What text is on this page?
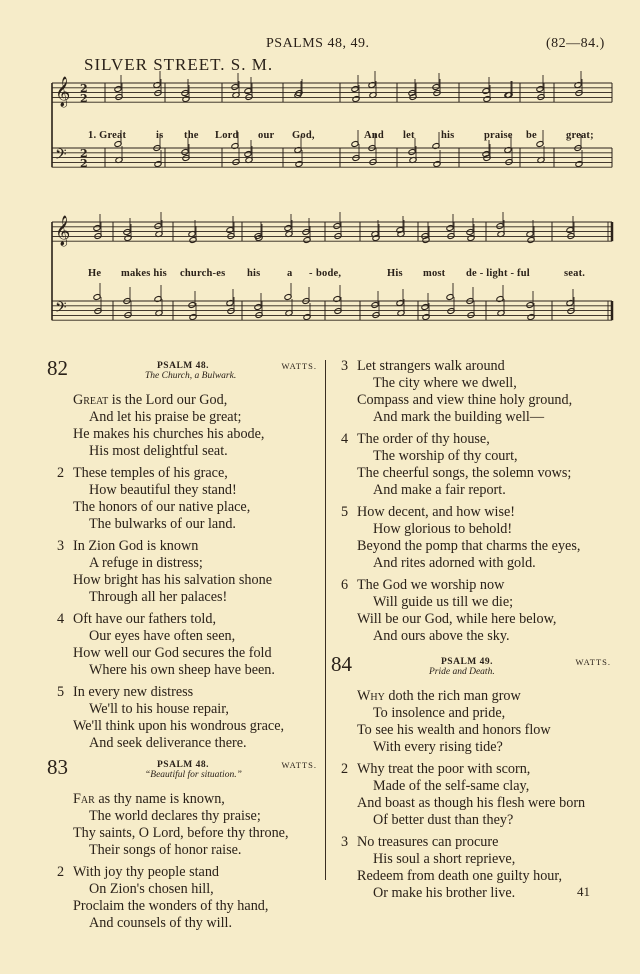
PSALMS 48, 49.	(82—84.)
SILVER STREET. S. M.
𝄞 2
2
𝄢 2
2
𝄞
𝄢
1. Great	is the Lord our God,	And let	his	praise be	great;
He makes his church-es his	a - bode,	His most de - light - ful	seat.
82	PSALM 48.
The Church, a Bulwark.
WATTS.
Great is the Lord our God,
And let his praise be great;
He makes his churches his abode,
His most delightful seat.
2 These temples of his grace,
How beautiful they stand!
The honors of our native place,
The bulwarks of our land.
3 In Zion God is known
A refuge in distress;
How bright has his salvation shone
Through all her palaces!
4 Oft have our fathers told,
Our eyes have often seen,
How well our God secures the fold
Where his own sheep have been.
5 In every new distress
We'll to his house repair,
We'll think upon his wondrous grace,
And seek deliverance there.
83	PSALM 48.
“Beautiful for situation.”
WATTS.
Far as thy name is known,
The world declares thy praise;
Thy saints, O Lord, before thy throne,
Their songs of honor raise.
2 With joy thy people stand
On Zion's chosen hill,
Proclaim the wonders of thy hand,
And counsels of thy will.
3 Let strangers walk around
The city where we dwell,
Compass and view thine holy ground,
And mark the building well—
4 The order of thy house,
The worship of thy court,
The cheerful songs, the solemn vows;
And make a fair report.
5 How decent, and how wise!
How glorious to behold!
Beyond the pomp that charms the eyes,
And rites adorned with gold.
6 The God we worship now
Will guide us till we die;
Will be our God, while here below,
And ours above the sky.
84	PSALM 49.
Pride and Death.
WATTS.
Why doth the rich man grow
To insolence and pride,
To see his wealth and honors flow
With every rising tide?
2 Why treat the poor with scorn,
Made of the self-same clay,
And boast as though his flesh were born
Of better dust than they?
3 No treasures can procure
His soul a short reprieve,
Redeem from death one guilty hour,
Or make his brother live.	41
